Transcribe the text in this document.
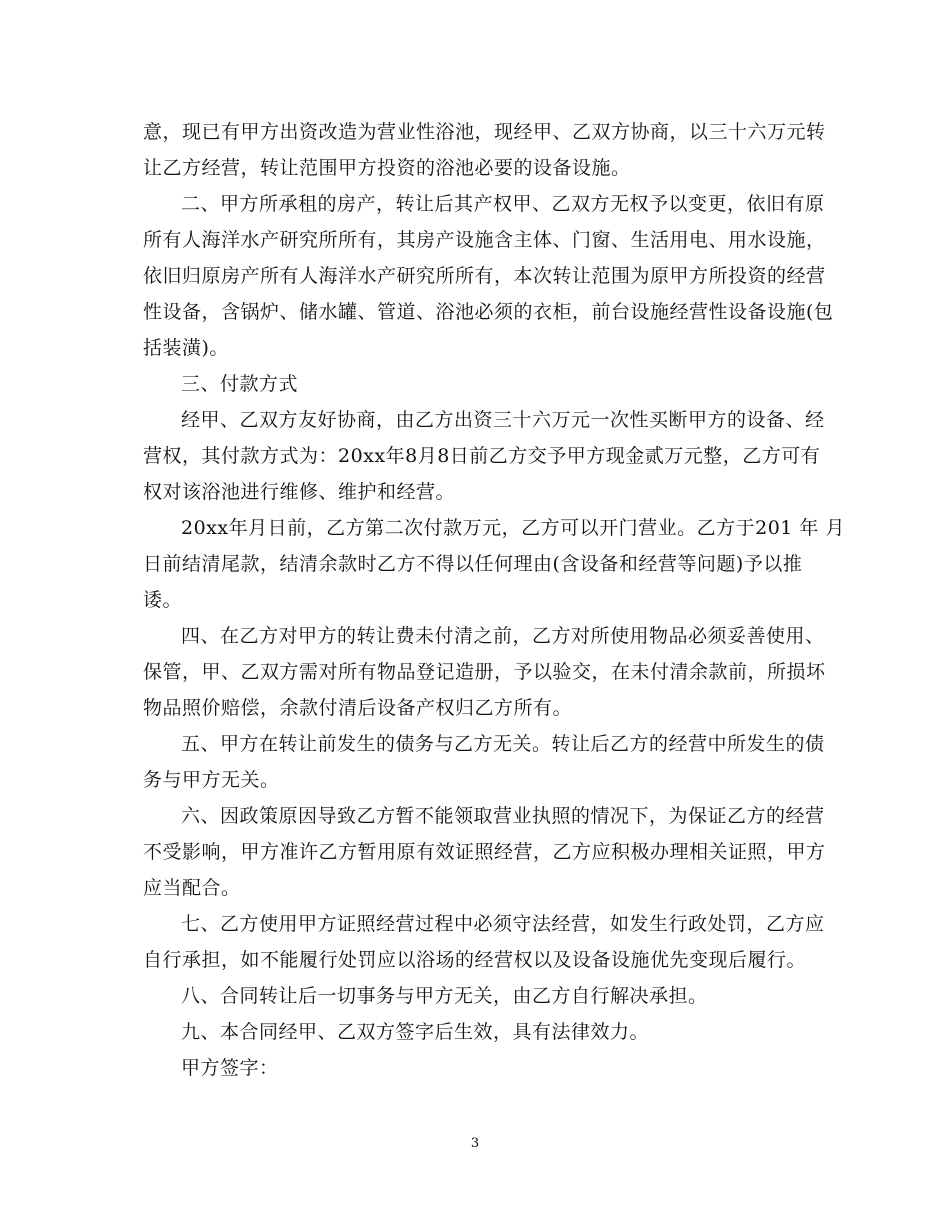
意，现已有甲方出资改造为营业性浴池，现经甲、乙双方协商，以三十六万元转
让乙方经营，转让范围甲方投资的浴池必要的设备设施。
二、甲方所承租的房产，转让后其产权甲、乙双方无权予以变更，依旧有原
所有人海洋水产研究所所有，其房产设施含主体、门窗、生活用电、用水设施，
依旧归原房产所有人海洋水产研究所所有，本次转让范围为原甲方所投资的经营
性设备，含锅炉、储水罐、管道、浴池必须的衣柜，前台设施经营性设备设施(包
括装潢)。
三、付款方式
经甲、乙双方友好协商，由乙方出资三十六万元一次性买断甲方的设备、经
营权，其付款方式为：20xx年8月8日前乙方交予甲方现金贰万元整，乙方可有
权对该浴池进行维修、维护和经营。
20xx年月日前，乙方第二次付款万元，乙方可以开门营业。乙方于201 年 月
日前结清尾款，结清余款时乙方不得以任何理由(含设备和经营等问题)予以推
诿。
四、在乙方对甲方的转让费未付清之前，乙方对所使用物品必须妥善使用、
保管，甲、乙双方需对所有物品登记造册，予以验交，在未付清余款前，所损坏
物品照价赔偿，余款付清后设备产权归乙方所有。
五、甲方在转让前发生的债务与乙方无关。转让后乙方的经营中所发生的债
务与甲方无关。
六、因政策原因导致乙方暂不能领取营业执照的情况下，为保证乙方的经营
不受影响，甲方准许乙方暂用原有效证照经营，乙方应积极办理相关证照，甲方
应当配合。
七、乙方使用甲方证照经营过程中必须守法经营，如发生行政处罚，乙方应
自行承担，如不能履行处罚应以浴场的经营权以及设备设施优先变现后履行。
八、合同转让后一切事务与甲方无关，由乙方自行解决承担。
九、本合同经甲、乙双方签字后生效，具有法律效力。
甲方签字：
3
